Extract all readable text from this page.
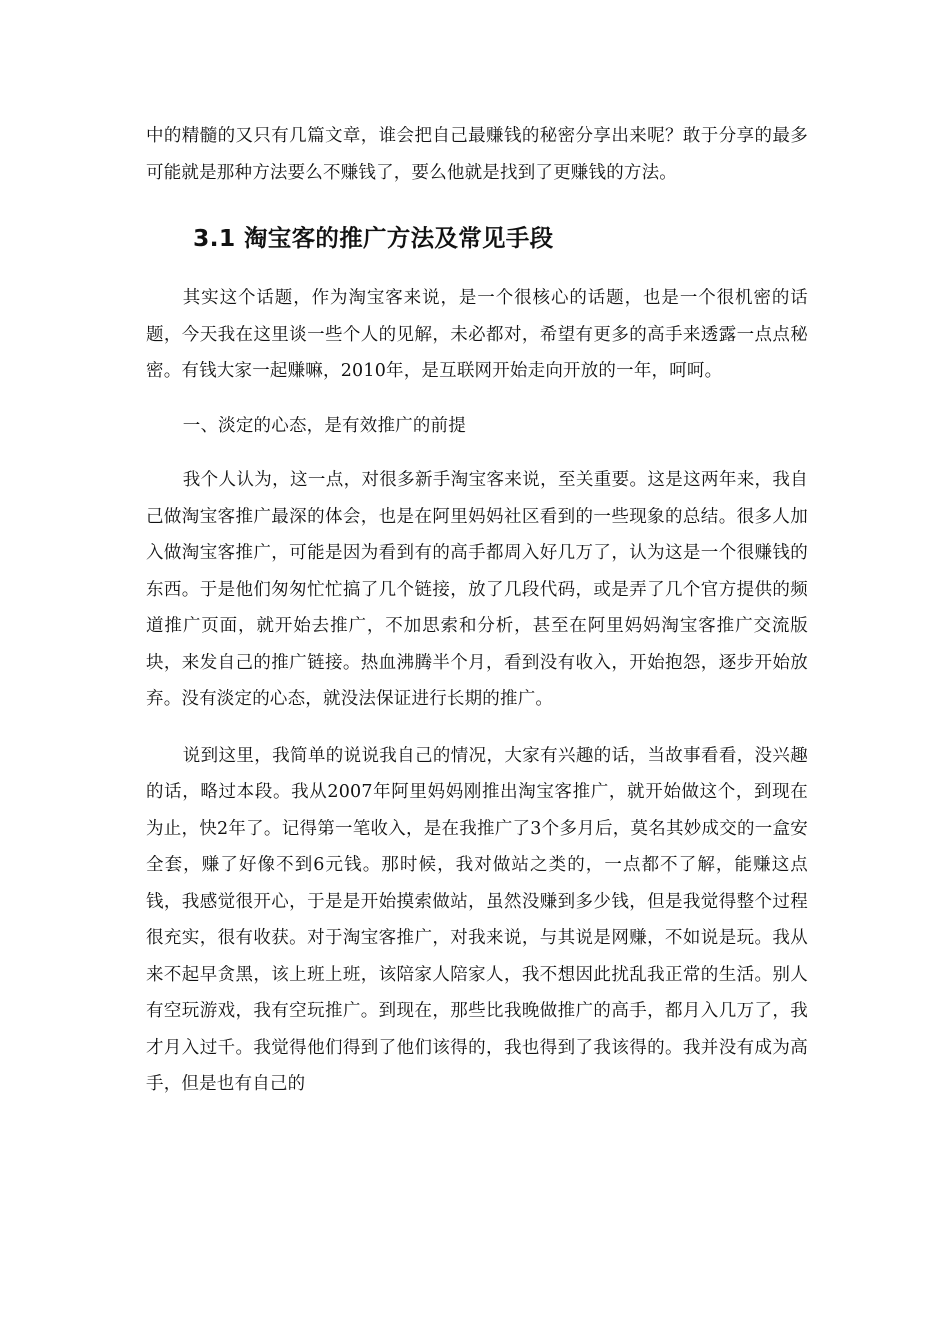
中的精髓的又只有几篇文章，谁会把自己最赚钱的秘密分享出来呢？敢于分享的最多可能就是那种方法要么不赚钱了，要么他就是找到了更赚钱的方法。

3.1 淘宝客的推广方法及常见手段

其实这个话题，作为淘宝客来说，是一个很核心的话题，也是一个很机密的话题，今天我在这里谈一些个人的见解，未必都对，希望有更多的高手来透露一点点秘密。有钱大家一起赚嘛，2010年，是互联网开始走向开放的一年，呵呵。

一、淡定的心态，是有效推广的前提

我个人认为，这一点，对很多新手淘宝客来说，至关重要。这是这两年来，我自己做淘宝客推广最深的体会，也是在阿里妈妈社区看到的一些现象的总结。很多人加入做淘宝客推广，可能是因为看到有的高手都周入好几万了，认为这是一个很赚钱的东西。于是他们匆匆忙忙搞了几个链接，放了几段代码，或是弄了几个官方提供的频道推广页面，就开始去推广，不加思索和分析，甚至在阿里妈妈淘宝客推广交流版块，来发自己的推广链接。热血沸腾半个月，看到没有收入，开始抱怨，逐步开始放弃。没有淡定的心态，就没法保证进行长期的推广。

说到这里，我简单的说说我自己的情况，大家有兴趣的话，当故事看看，没兴趣的话，略过本段。我从2007年阿里妈妈刚推出淘宝客推广，就开始做这个，到现在为止，快2年了。记得第一笔收入，是在我推广了3个多月后，莫名其妙成交的一盒安全套，赚了好像不到6元钱。那时候，我对做站之类的，一点都不了解，能赚这点钱，我感觉很开心，于是是开始摸索做站，虽然没赚到多少钱，但是我觉得整个过程很充实，很有收获。对于淘宝客推广，对我来说，与其说是网赚，不如说是玩。我从来不起早贪黑，该上班上班，该陪家人陪家人，我不想因此扰乱我正常的生活。别人有空玩游戏，我有空玩推广。到现在，那些比我晚做推广的高手，都月入几万了，我才月入过千。我觉得他们得到了他们该得的，我也得到了我该得的。我并没有成为高手，但是也有自己的
